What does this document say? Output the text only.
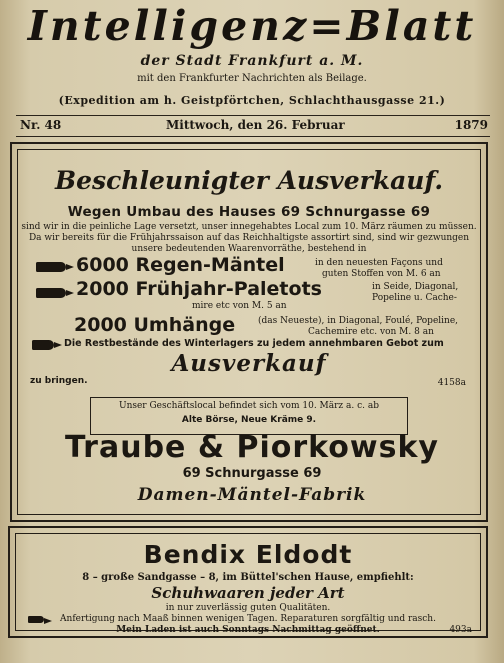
Intelligenz=Blatt
der Stadt Frankfurt a. M.
mit den Frankfurter Nachrichten als Beilage.
(Expedition am h. Geistpförtchen, Schlachthausgasse 21.)
Nr. 48	Mittwoch, den 26. Februar	1879
Beschleunigter Ausverkauf.
Wegen Umbau des Hauses 69 Schnurgasse 69
sind wir in die peinliche Lage versetzt, unser innegehabtes Local zum 10. März räumen zu müssen.
Da wir bereits für die Frühjahrssaison auf das Reichhaltigste assortirt sind, sind wir gezwungen
unsere bedeutenden Waarenvorräthe, bestehend in
6000 Regen-Mäntel	in den neuesten Façons und
guten Stoffen von M. 6 an
2000 Frühjahr-Paletots	in Seide, Diagonal,
Popeline u. Cache-
mire etc von M. 5 an
2000 Umhänge	(das Neueste), in Diagonal, Foulé, Popeline,
Cachemire etc. von M. 8 an
Die Restbestände des Winterlagers zu jedem annehmbaren Gebot zum
Ausverkauf
zu bringen.	4158a
Unser Geschäftslocal befindet sich vom 10. März a. c. ab
Alte Börse, Neue Kräme 9.
Traube & Piorkowsky
69 Schnurgasse 69
Damen-Mäntel-Fabrik
Bendix Eldodt
8 – große Sandgasse – 8, im Büttel'schen Hause, empfiehlt:
Schuhwaaren jeder Art
in nur zuverlässig guten Qualitäten.
Anfertigung nach Maaß binnen wenigen Tagen. Reparaturen sorgfältig und rasch.
Mein Laden ist auch Sonntags Nachmittag geöffnet.	493a
